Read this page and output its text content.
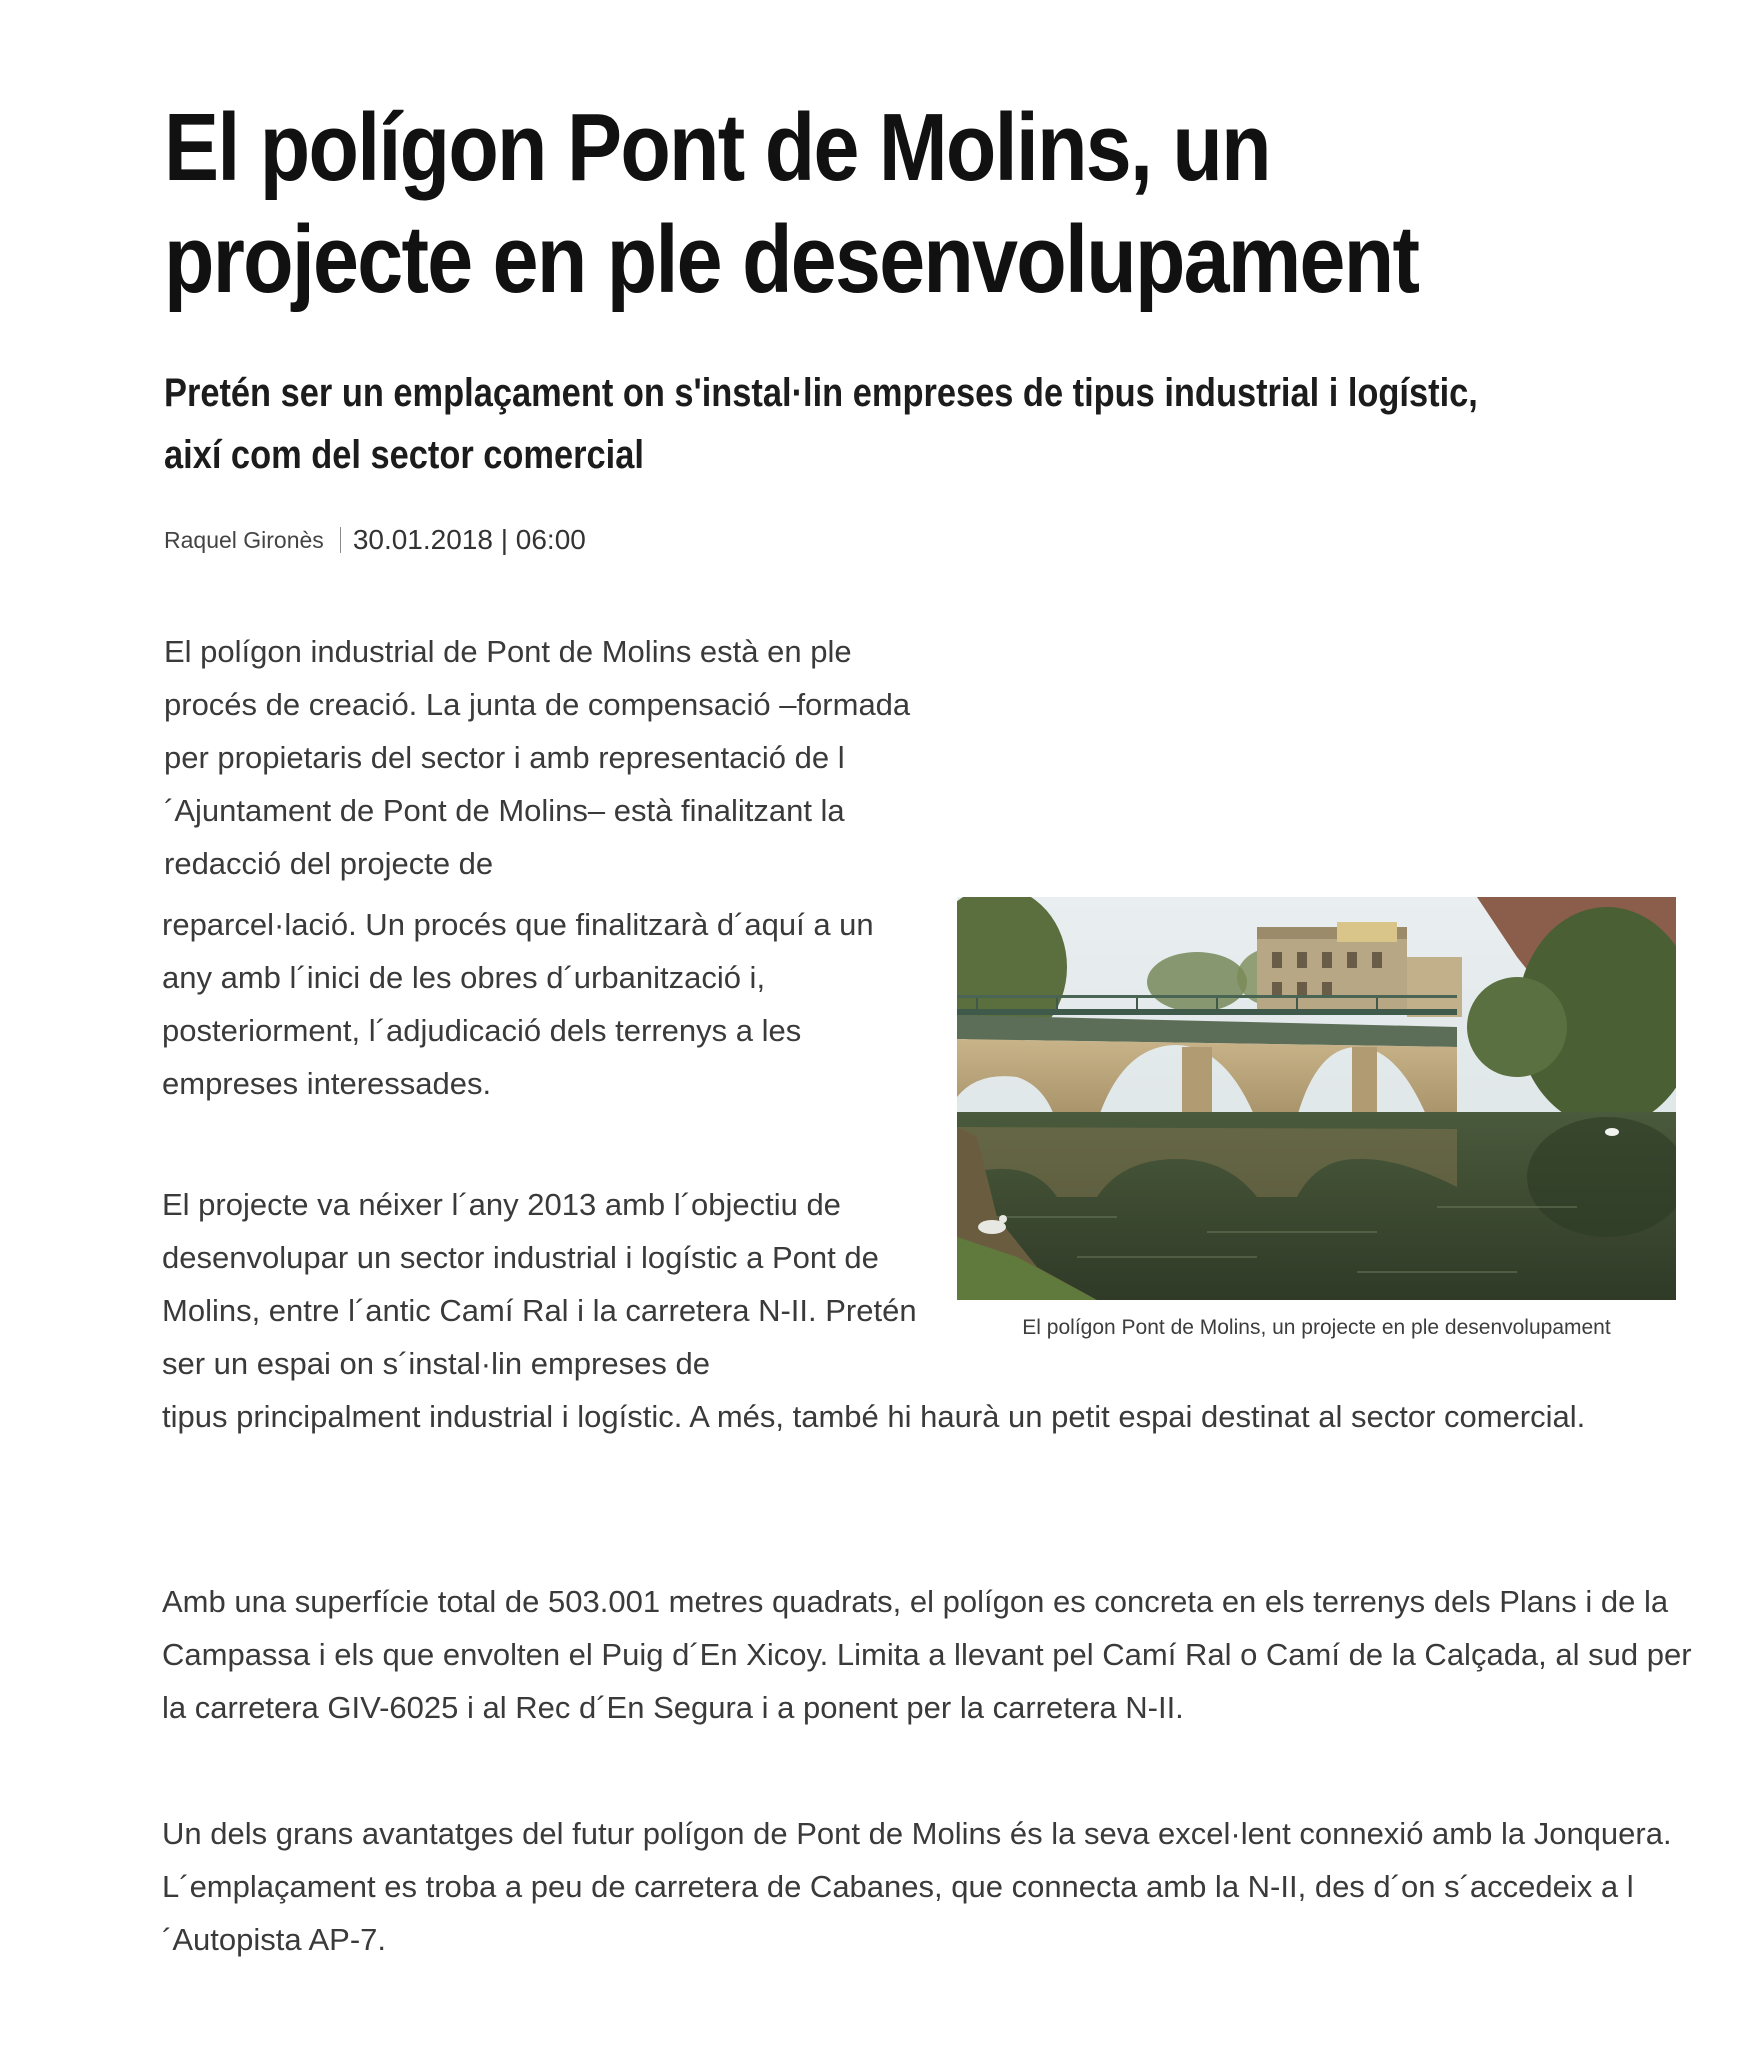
El polígon Pont de Molins, un projecte en ple desenvolupament
Pretén ser un emplaçament on s'instal·lin empreses de tipus industrial i logístic, així com del sector comercial
Raquel Gironès 30.01.2018 | 06:00

El polígon industrial de Pont de Molins està en ple procés de creació. La junta de compensació –formada per propietaris del sector i amb representació de l´Ajuntament de Pont de Molins– està finalitzant la redacció del projecte de

reparcel·lació. Un procés que finalitzarà d´aquí a un any amb l´inici de les obres d´urbanització i, posteriorment, l´adjudicació dels terrenys a les empreses interessades.

El projecte va néixer l´any 2013 amb l´objectiu de desenvolupar un sector industrial i logístic a Pont de Molins, entre l´antic Camí Ral i la carretera N-II. Pretén ser un espai on s´instal·lin empreses de
tipus principalment industrial i logístic. A més, també hi haurà un petit espai destinat al sector comercial.

Amb una superfície total de 503.001 metres quadrats, el polígon es concreta en els terrenys dels Plans i de la Campassa i els que envolten el Puig d´En Xicoy. Limita a llevant pel Camí Ral o Camí de la Calçada, al sud per la carretera GIV-6025 i al Rec d´En Segura i a ponent per la carretera N-II.

Un dels grans avantatges del futur polígon de Pont de Molins és la seva excel·lent connexió amb la Jonquera. L´emplaçament es troba a peu de carretera de Cabanes, que connecta amb la N-II, des d´on s´accedeix a l´Autopista AP-7.

El polígon Pont de Molins, un projecte en ple desenvolupament
